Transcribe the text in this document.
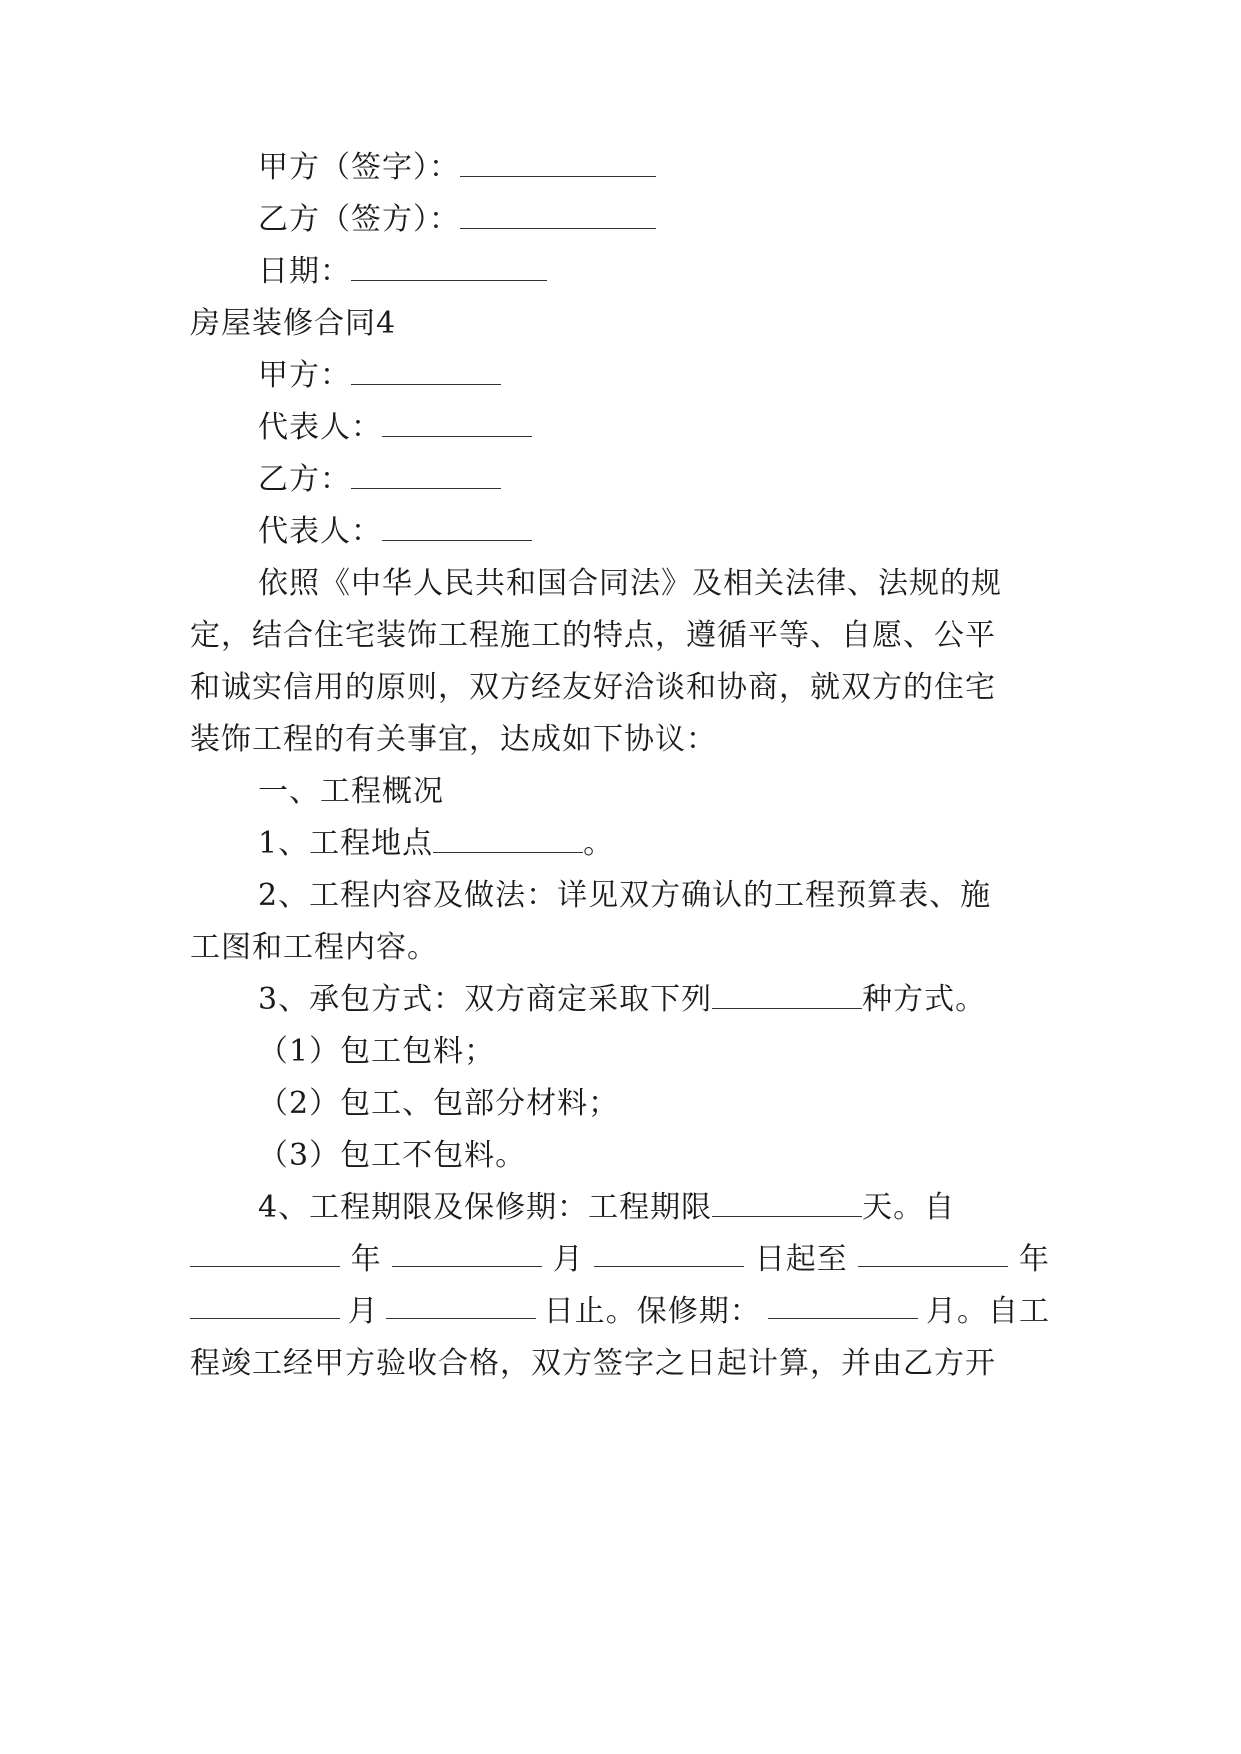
甲方（签字）：
乙方（签方）：
日期：
房屋装修合同4
甲方：
代表人：
乙方：
代表人：
依照《中华人民共和国合同法》及相关法律、法规的规
定，结合住宅装饰工程施工的特点，遵循平等、自愿、公平
和诚实信用的原则，双方经友好洽谈和协商，就双方的住宅
装饰工程的有关事宜，达成如下协议：
一、工程概况
1、工程地点	。
2、工程内容及做法：详见双方确认的工程预算表、施
工图和工程内容。
3、承包方式：双方商定采取下列	种方式。
（1）包工包料；
（2）包工、包部分材料；
（3）包工不包料。
4、工程期限及保修期：工程期限	天。自
年	月	日起至	年
月	日止。保修期：	月。自工
程竣工经甲方验收合格，双方签字之日起计算，并由乙方开
